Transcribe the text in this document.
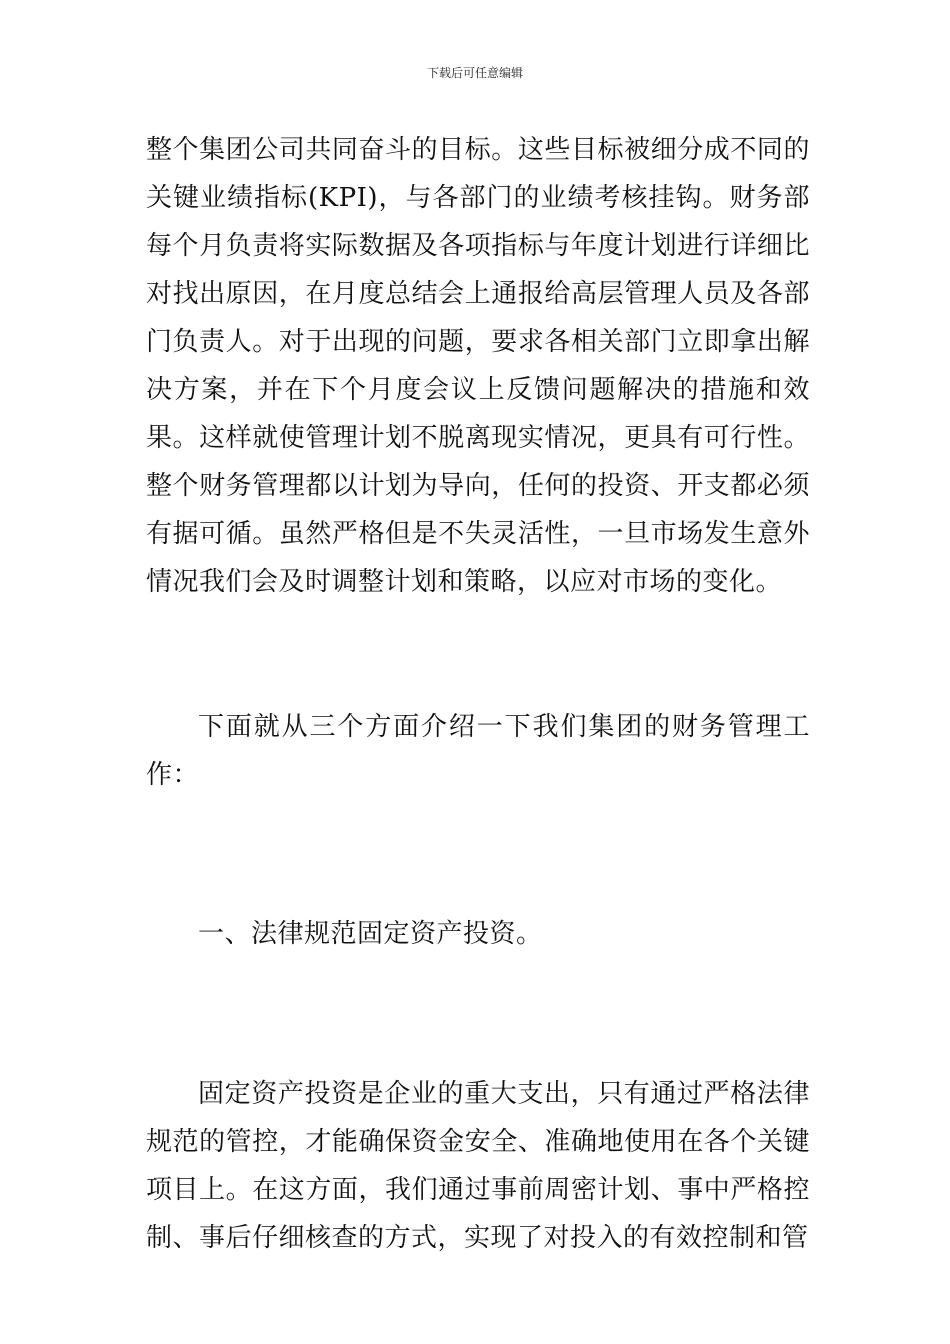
下载后可任意编辑

整个集团公司共同奋斗的目标。这些目标被细分成不同的关键业绩指标(KPI)，与各部门的业绩考核挂钩。财务部每个月负责将实际数据及各项指标与年度计划进行详细比对找出原因，在月度总结会上通报给高层管理人员及各部门负责人。对于出现的问题，要求各相关部门立即拿出解决方案，并在下个月度会议上反馈问题解决的措施和效果。这样就使管理计划不脱离现实情况，更具有可行性。整个财务管理都以计划为导向，任何的投资、开支都必须有据可循。虽然严格但是不失灵活性，一旦市场发生意外情况我们会及时调整计划和策略，以应对市场的变化。

下面就从三个方面介绍一下我们集团的财务管理工作：

一、法律规范固定资产投资。

固定资产投资是企业的重大支出，只有通过严格法律规范的管控，才能确保资金安全、准确地使用在各个关键项目上。在这方面，我们通过事前周密计划、事中严格控制、事后仔细核查的方式，实现了对投入的有效控制和管
